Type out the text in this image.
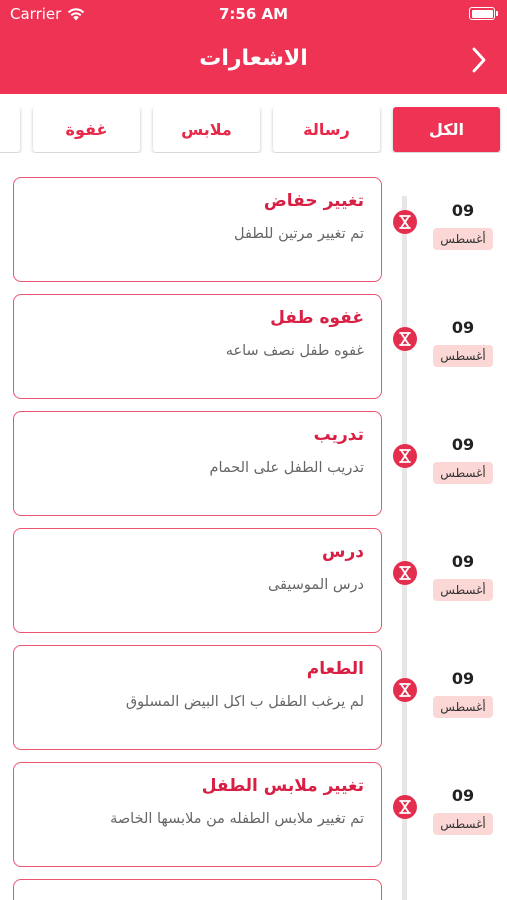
Carrier	7:56 AM
الاشعارات
الكل
رسالة
ملابس
غفوة
تغيير حفاض
تم تغيير مرتين للطفل
09
أغسطس
غفوه طفل
غفوه طفل نصف ساعه
09
أغسطس
تدريب
تدريب الطفل على الحمام
09
أغسطس
درس
درس الموسيقى
09
أغسطس
الطعام
لم يرغب الطفل ب اكل البيض المسلوق
09
أغسطس
تغيير ملابس الطفل
تم تغيير ملابس الطفله من ملابسها الخاصة
09
أغسطس
